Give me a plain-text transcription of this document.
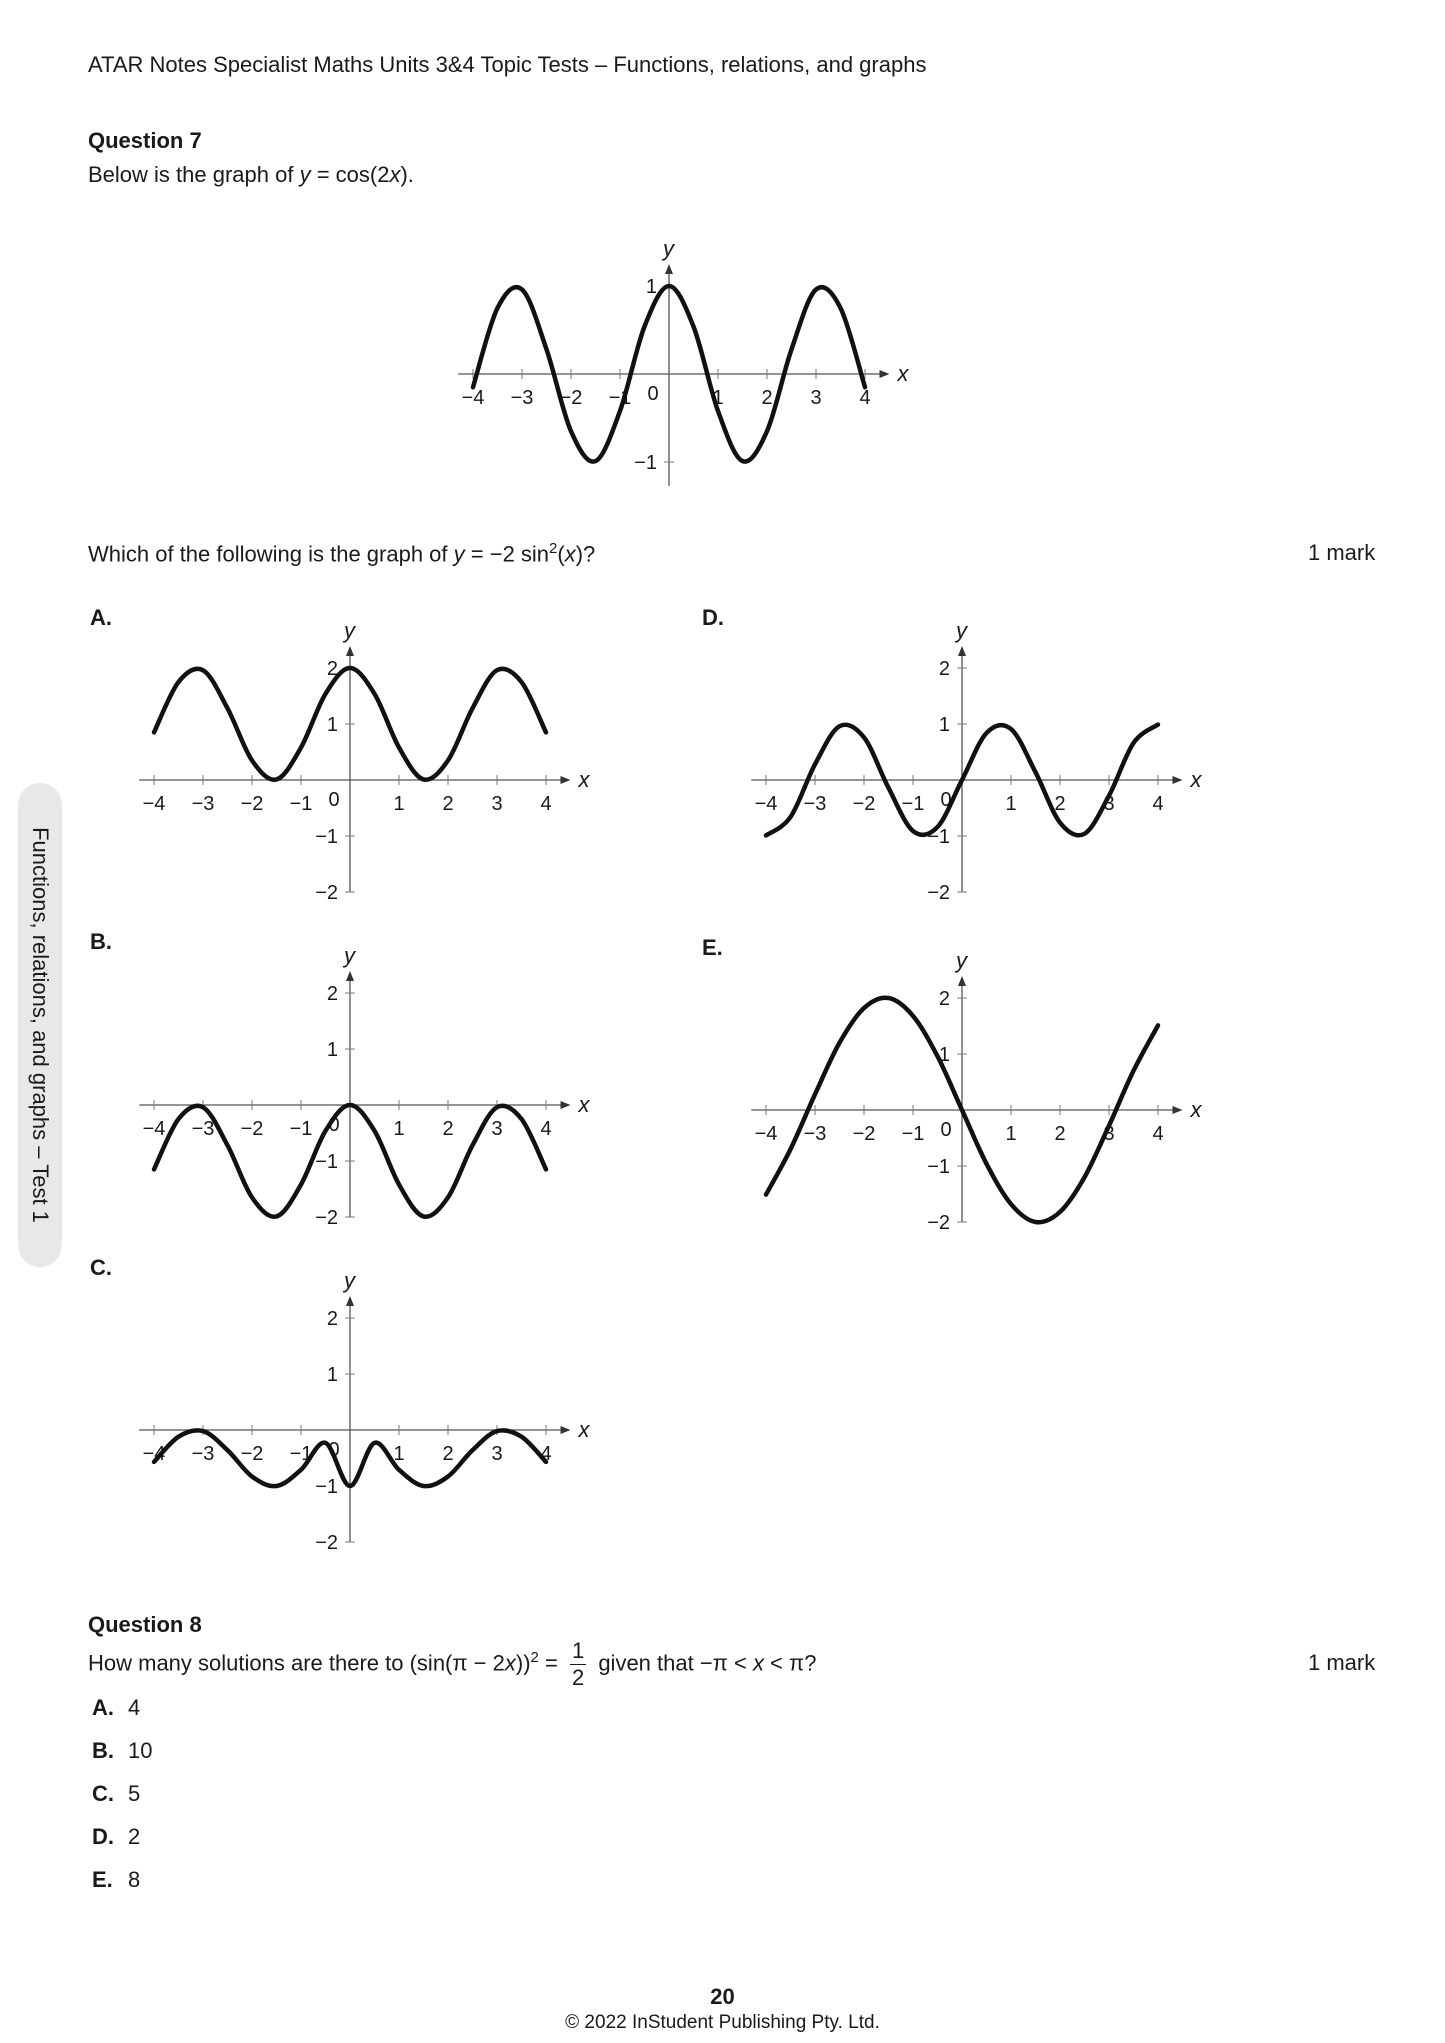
ATAR Notes Specialist Maths Units 3&4 Topic Tests – Functions, relations, and graphs
Functions, relations, and graphs – Test 1
Question 7
Below is the graph of y = cos(2x).
x
y
−4 −3 −2 −1	1 2 3 4
0
1
−1
Which of the following is the graph of y = −2 $\sin^2(x)$?	1 mark
A.
B.
C.
D.
E.
x
y
−4 −3 −2 −1	1 2 3 4
0
2
1
−1
−2
x
y
−4 −3 −2 −1	1 2 3 4
0
2
1
−1
−2
x
y
−4 −3 −2 −1	1 2 3 4
0
2
1
−1
−2
x
y
−4 −3 −2 −1	1 2 3 4
0
2
1
−1
−2
x
y
−4 −3 −2 −1	1 2 3 4
0
2
1
−1
−2
Question 8
How many solutions are there to $(\sin(\pi - 2x))^2 = \frac{1}{2}$ given that −π < x < π?	1 mark
A. 4
B. 10
C. 5
D. 2
E. 8
20
© 2022 InStudent Publishing Pty. Ltd.
